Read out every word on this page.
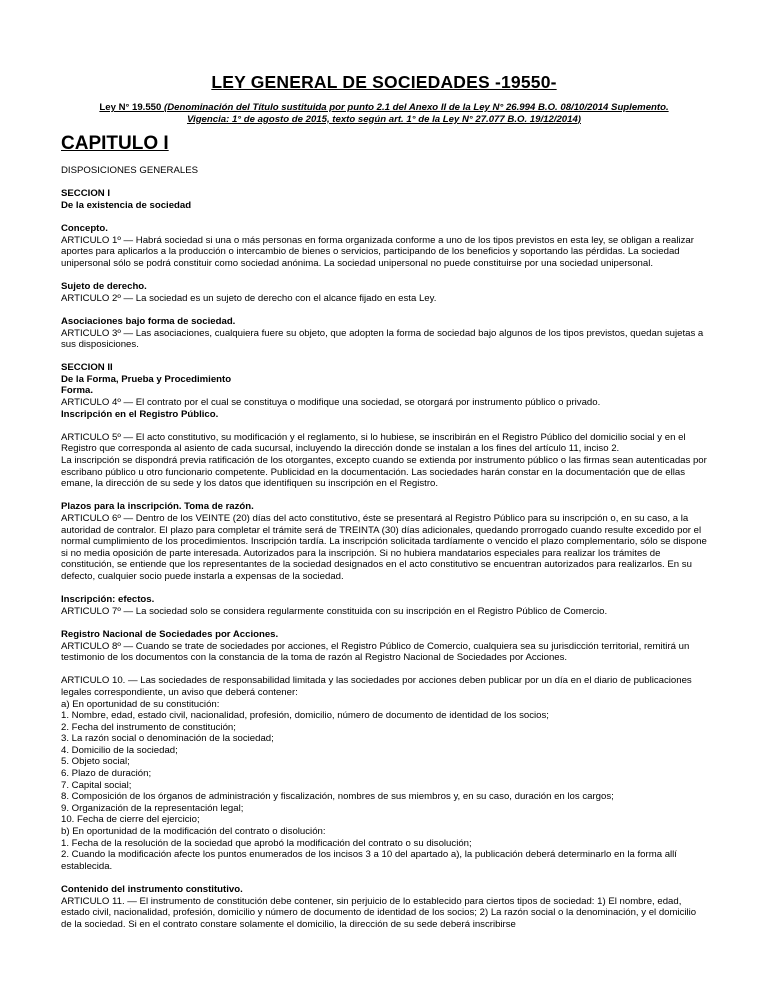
LEY GENERAL DE SOCIEDADES -19550-
Ley N° 19.550 (Denominación del Título sustituida por punto 2.1 del Anexo II de la Ley N° 26.994 B.O. 08/10/2014 Suplemento.
Vigencia: 1° de agosto de 2015, texto según art. 1° de la Ley N° 27.077 B.O. 19/12/2014)
CAPITULO I

DISPOSICIONES GENERALES

SECCION I

De la existencia de sociedad

Concepto.

ARTICULO 1º — Habrá sociedad si una o más personas en forma organizada conforme a uno de los tipos previstos en esta ley, se obligan a realizar aportes para aplicarlos a la producción o intercambio de bienes o servicios, participando de los beneficios y soportando las pérdidas. La sociedad unipersonal sólo se podrá constituir como sociedad anónima. La sociedad unipersonal no puede constituirse por una sociedad unipersonal.

Sujeto de derecho.

ARTICULO 2º — La sociedad es un sujeto de derecho con el alcance fijado en esta Ley.

Asociaciones bajo forma de sociedad.

ARTICULO 3º — Las asociaciones, cualquiera fuere su objeto, que adopten la forma de sociedad bajo algunos de los tipos previstos, quedan sujetas a sus disposiciones.

SECCION II

De la Forma, Prueba y Procedimiento

Forma.

ARTICULO 4º — El contrato por el cual se constituya o modifique una sociedad, se otorgará por instrumento público o privado.

Inscripción en el Registro Público.

ARTICULO 5º — El acto constitutivo, su modificación y el reglamento, si lo hubiese, se inscribirán en el Registro Público del domicilio social y en el Registro que corresponda al asiento de cada sucursal, incluyendo la dirección donde se instalan a los fines del artículo 11, inciso 2.

La inscripción se dispondrá previa ratificación de los otorgantes, excepto cuando se extienda por instrumento público o las firmas sean autenticadas por escribano público u otro funcionario competente. Publicidad en la documentación. Las sociedades harán constar en la documentación que de ellas emane, la dirección de su sede y los datos que identifiquen su inscripción en el Registro.

Plazos para la inscripción. Toma de razón.

ARTICULO 6º — Dentro de los VEINTE (20) días del acto constitutivo, éste se presentará al Registro Público para su inscripción o, en su caso, a la autoridad de contralor. El plazo para completar el trámite será de TREINTA (30) días adicionales, quedando prorrogado cuando resulte excedido por el normal cumplimiento de los procedimientos. Inscripción tardía. La inscripción solicitada tardíamente o vencido el plazo complementario, sólo se dispone si no media oposición de parte interesada. Autorizados para la inscripción. Si no hubiera mandatarios especiales para realizar los trámites de constitución, se entiende que los representantes de la sociedad designados en el acto constitutivo se encuentran autorizados para realizarlos. En su defecto, cualquier socio puede instarla a expensas de la sociedad.

Inscripción: efectos.

ARTICULO 7º — La sociedad solo se considera regularmente constituida con su inscripción en el Registro Público de Comercio.

Registro Nacional de Sociedades por Acciones.

ARTICULO 8º — Cuando se trate de sociedades por acciones, el Registro Público de Comercio, cualquiera sea su jurisdicción territorial, remitirá un testimonio de los documentos con la constancia de la toma de razón al Registro Nacional de Sociedades por Acciones.

ARTICULO 10. — Las sociedades de responsabilidad limitada y las sociedades por acciones deben publicar por un día en el diario de publicaciones legales correspondiente, un aviso que deberá contener:

a) En oportunidad de su constitución:

1. Nombre, edad, estado civil, nacionalidad, profesión, domicilio, número de documento de identidad de los socios;

2. Fecha del instrumento de constitución;

3. La razón social o denominación de la sociedad;

4. Domicilio de la sociedad;

5. Objeto social;

6. Plazo de duración;

7. Capital social;

8. Composición de los órganos de administración y fiscalización, nombres de sus miembros y, en su caso, duración en los cargos;

9. Organización de la representación legal;

10. Fecha de cierre del ejercicio;

b) En oportunidad de la modificación del contrato o disolución:

1. Fecha de la resolución de la sociedad que aprobó la modificación del contrato o su disolución;

2. Cuando la modificación afecte los puntos enumerados de los incisos 3 a 10 del apartado a), la publicación deberá determinarlo en la forma allí establecida.

Contenido del instrumento constitutivo.

ARTICULO 11. — El instrumento de constitución debe contener, sin perjuicio de lo establecido para ciertos tipos de sociedad: 1) El nombre, edad, estado civil, nacionalidad, profesión, domicilio y número de documento de identidad de los socios; 2) La razón social o la denominación, y el domicilio de la sociedad. Si en el contrato constare solamente el domicilio, la dirección de su sede deberá inscribirse
